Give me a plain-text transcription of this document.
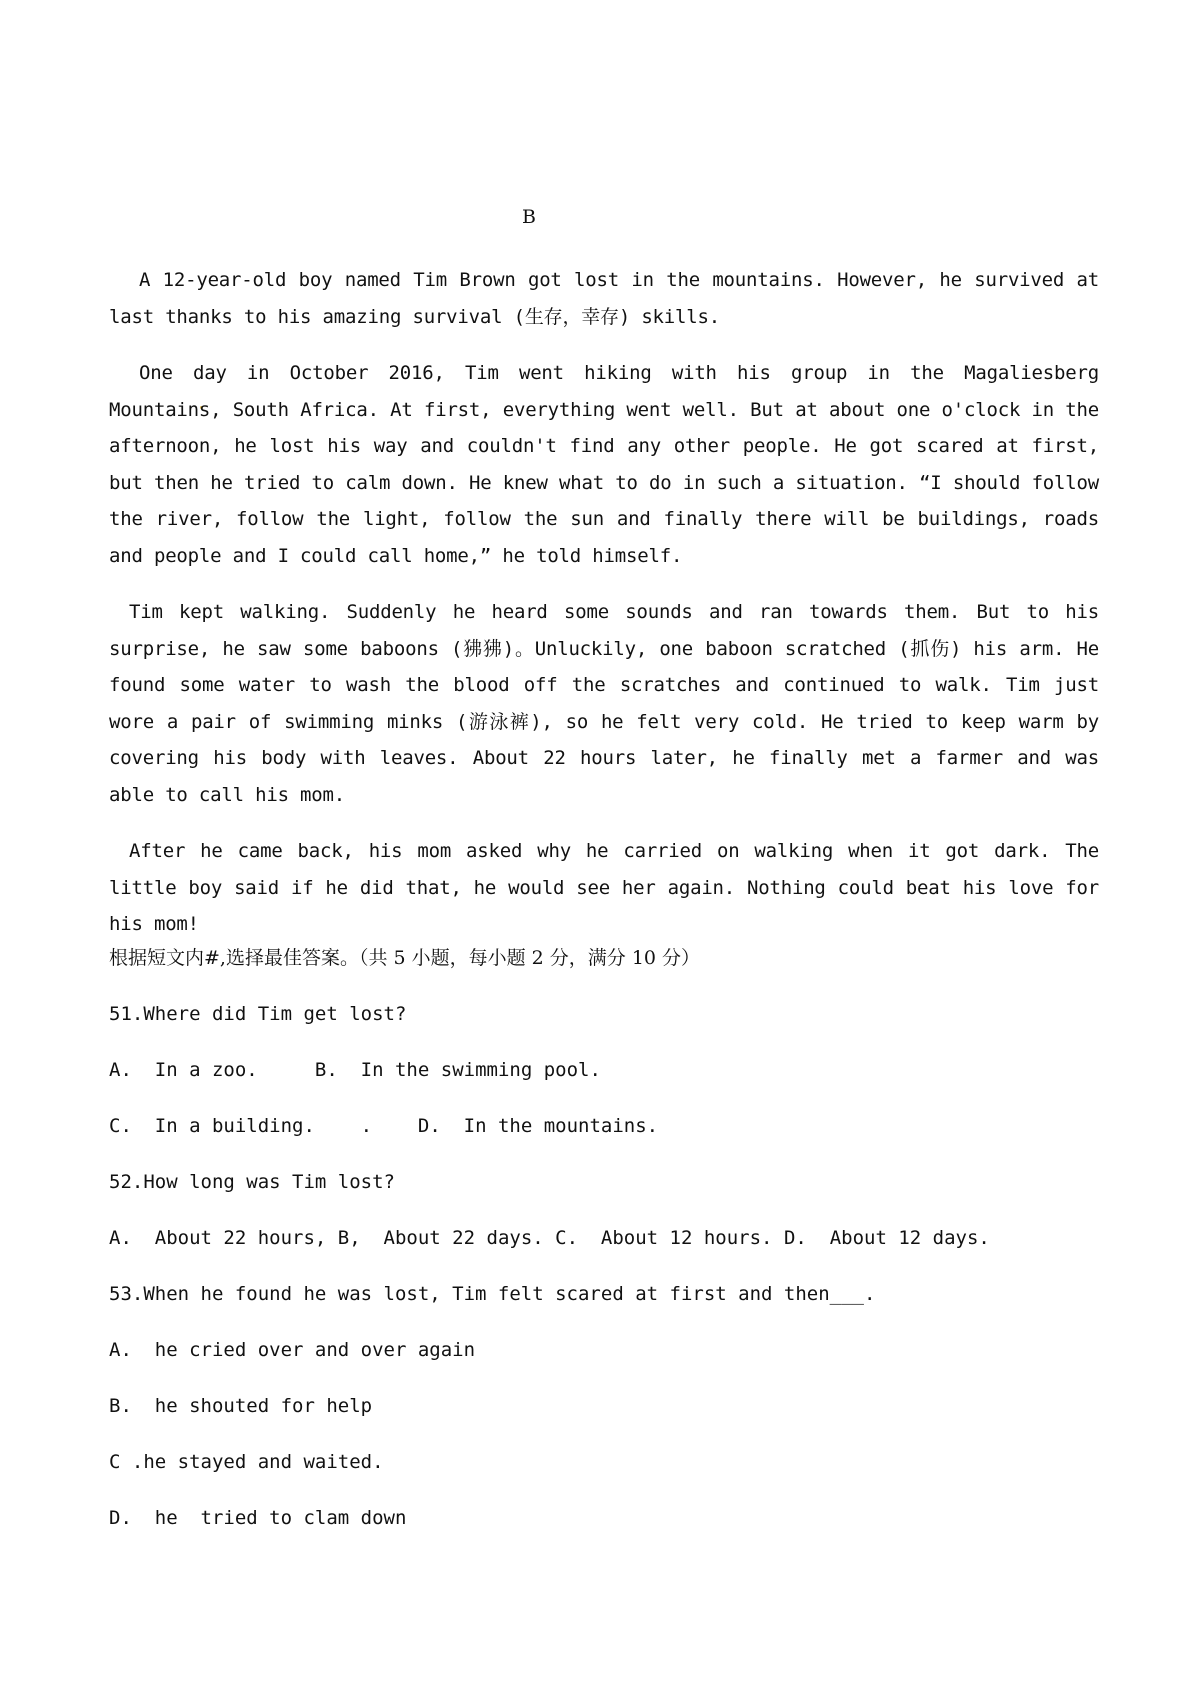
B

A 12-year-old boy named Tim Brown got lost in the mountains. However, he survived at last thanks to his amazing survival (生存，幸存) skills.

One day in October 2016, Tim went hiking with his group in the Magaliesberg Mountains, South Africa. At first, everything went well. But at about one o'clock in the afternoon, he lost his way and couldn't find any other people. He got scared at first, but then he tried to calm down. He knew what to do in such a situation. “I should follow the river, follow the light, follow the sun and finally there will be buildings, roads and people and I could call home,” he told himself.

Tim kept walking. Suddenly he heard some sounds and ran towards them. But to his surprise, he saw some baboons (狒狒)。Unluckily, one baboon scratched (抓伤) his arm. He found some water to wash the blood off the scratches and continued to walk. Tim just wore a pair of swimming minks (游泳裤), so he felt very cold. He tried to keep warm by covering his body with leaves. About 22 hours later, he finally met a farmer and was able to call his mom.

After he came back, his mom asked why he carried on walking when it got dark. The little boy said if he did that, he would see her again. Nothing could beat his love for his mom!

根据短文内#,选择最佳答案。（共 5 小题，每小题 2 分，满分 10 分）
51.Where did Tim get lost?
A.  In a zoo.	B.  In the swimming pool.
C.  In a building. . D.  In the mountains.
52.How long was Tim lost?
A.  About 22 hours, B,  About 22 days. C.  About 12 hours. D.  About 12 days.
53.When he found he was lost, Tim felt scared at first and then___.
A.  he cried over and over again
B.  he shouted for help
C .he stayed and waited.
D.  he  tried to clam down
